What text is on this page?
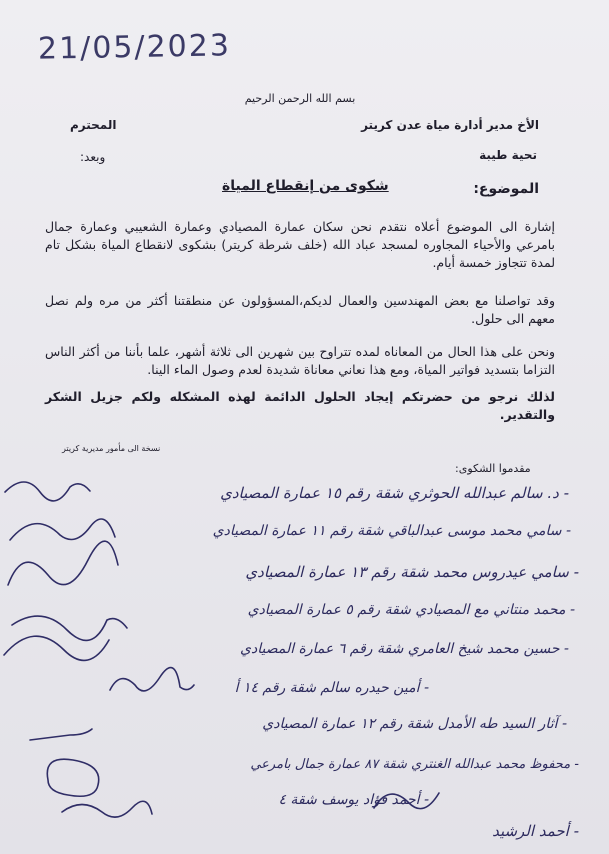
21/05/2023
بسم الله الرحمن الرحيم
الأخ مدير أدارة مياة عدن كريتر
المحترم
تحية طيبة
وبعد:
الموضوع:
شكوى من إنقطاع المياة
إشارة الى الموضوع أعلاه نتقدم نحن سكان عمارة المصيادي وعمارة الشعيبي وعمارة جمال بامرعي والأحياء المجاوره لمسجد عباد الله (خلف شرطة كريتر) بشكوى لانقطاع المياة بشكل تام لمدة تتجاوز خمسة أيام.
وقد تواصلنا مع بعض المهندسين والعمال لديكم،المسؤولون عن منطقتنا أكثر من مره ولم نصل معهم الى حلول.
ونحن على هذا الحال من المعاناه لمده تتراوح بين شهرين الى ثلاثة أشهر، علما بأننا من أكثر الناس التزاما بتسديد فواتير المياة، ومع هذا نعاني معاناة شديدة لعدم وصول الماء الينا.
لذلك نرجو من حضرتكم إيجاد الحلول الدائمة لهذه المشكله ولكم جزيل الشكر والتقدير.
نسخة الى مأمور مديرية كريتر
مقدموا الشكوى:
- د. سالم عبدالله الحوثري شقة رقم ١٥ عمارة المصيادي
- سامي محمد موسى عبدالباقي شقة رقم ١١ عمارة المصيادي
- سامي عيدروس محمد شقة رقم ١٣ عمارة المصيادي
- محمد منتاني مع المصيادي شقة رقم ٥ عمارة المصيادي
- حسين محمد شيخ العامري شقة رقم ٦ عمارة المصيادي
- أمين حيدره سالم شقة رقم ١٤ أ
- آثار السيد طه الأمدل شقة رقم ١٢ عمارة المصيادي
- محفوظ محمد عبدالله الغنتري شقة ٨٧ عمارة جمال بامرعي
- أحمد فؤاد يوسف شقة ٤
- أحمد الرشيد
